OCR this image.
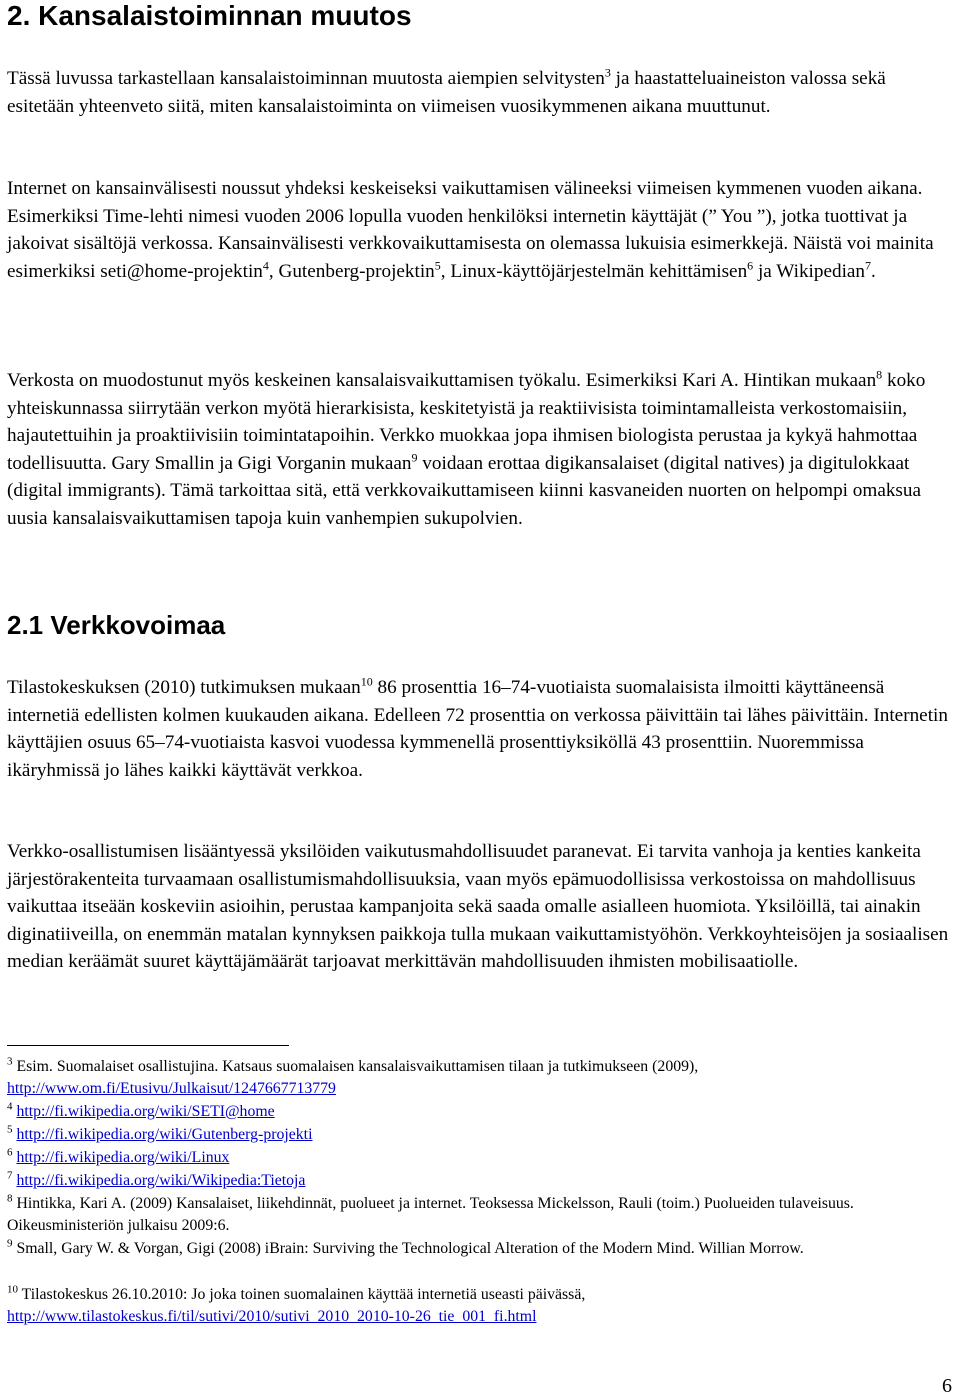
2. Kansalaistoiminnan muutos

Tässä luvussa tarkastellaan kansalaistoiminnan muutosta aiempien selvitysten$^3$ ja haastatteluaineiston valossa sekä esitetään yhteenveto siitä, miten kansalaistoiminta on viimeisen vuosikymmenen aikana muuttunut.

Internet on kansainvälisesti noussut yhdeksi keskeiseksi vaikuttamisen välineeksi viimeisen kymmenen vuoden aikana. Esimerkiksi Time-lehti nimesi vuoden 2006 lopulla vuoden henkilöksi internetin käyttäjät (” You ”), jotka tuottivat ja jakoivat sisältöjä verkossa. Kansainvälisesti verkkovaikuttamisesta on olemassa lukuisia esimerkkejä. Näistä voi mainita esimerkiksi seti@home-projektin$^4$, Gutenberg-projektin$^5$, Linux-käyttöjärjestelmän kehittämisen$^6$ ja Wikipedian$^7$.

Verkosta on muodostunut myös keskeinen kansalaisvaikuttamisen työkalu. Esimerkiksi Kari A. Hintikan mukaan$^8$ koko yhteiskunnassa siirrytään verkon myötä hierarkisista, keskitetyistä ja reaktiivisista toimintamalleista verkostomaisiin, hajautettuihin ja proaktiivisiin toimintatapoihin. Verkko muokkaa jopa ihmisen biologista perustaa ja kykyä hahmottaa todellisuutta. Gary Smallin ja Gigi Vorganin mukaan$^9$ voidaan erottaa digikansalaiset (digital natives) ja digitulokkaat (digital immigrants). Tämä tarkoittaa sitä, että verkkovaikuttamiseen kiinni kasvaneiden nuorten on helpompi omaksua uusia kansalaisvaikuttamisen tapoja kuin vanhempien sukupolvien.

2.1 Verkkovoimaa

Tilastokeskuksen (2010) tutkimuksen mukaan$^{10}$ 86 prosenttia 16–74-vuotiaista suomalaisista ilmoitti käyttäneensä internetiä edellisten kolmen kuukauden aikana. Edelleen 72 prosenttia on verkossa päivittäin tai lähes päivittäin. Internetin käyttäjien osuus 65–74-vuotiaista kasvoi vuodessa kymmenellä prosenttiyksiköllä 43 prosenttiin. Nuoremmissa ikäryhmissä jo lähes kaikki käyttävät verkkoa.

Verkko-osallistumisen lisääntyessä yksilöiden vaikutusmahdollisuudet paranevat. Ei tarvita vanhoja ja kenties kankeita järjestörakenteita turvaamaan osallistumismahdollisuuksia, vaan myös epämuodollisissa verkostoissa on mahdollisuus vaikuttaa itseään koskeviin asioihin, perustaa kampanjoita sekä saada omalle asialleen huomiota. Yksilöillä, tai ainakin diginatiiveilla, on enemmän matalan kynnyksen paikkoja tulla mukaan vaikuttamistyöhön. Verkkoyhteisöjen ja sosiaalisen median keräämät suuret käyttäjämäärät tarjoavat merkittävän mahdollisuuden ihmisten mobilisaatiolle.

$^3$ Esim. Suomalaiset osallistujina. Katsaus suomalaisen kansalaisvaikuttamisen tilaan ja tutkimukseen (2009),
http://www.om.fi/Etusivu/Julkaisut/1247667713779

$^4$ http://fi.wikipedia.org/wiki/SETI@home

$^5$ http://fi.wikipedia.org/wiki/Gutenberg-projekti

$^6$ http://fi.wikipedia.org/wiki/Linux

$^7$ http://fi.wikipedia.org/wiki/Wikipedia:Tietoja

$^8$ Hintikka, Kari A. (2009) Kansalaiset, liikehdinnät, puolueet ja internet. Teoksessa Mickelsson, Rauli (toim.) Puolueiden tulaveisuus. Oikeusministeriön julkaisu 2009:6.

$^9$ Small, Gary W. & Vorgan, Gigi (2008) iBrain: Surviving the Technological Alteration of the Modern Mind. Willian Morrow.

$^{10}$ Tilastokeskus 26.10.2010: Jo joka toinen suomalainen käyttää internetiä useasti päivässä,
http://www.tilastokeskus.fi/til/sutivi/2010/sutivi_2010_2010-10-26_tie_001_fi.html

6
